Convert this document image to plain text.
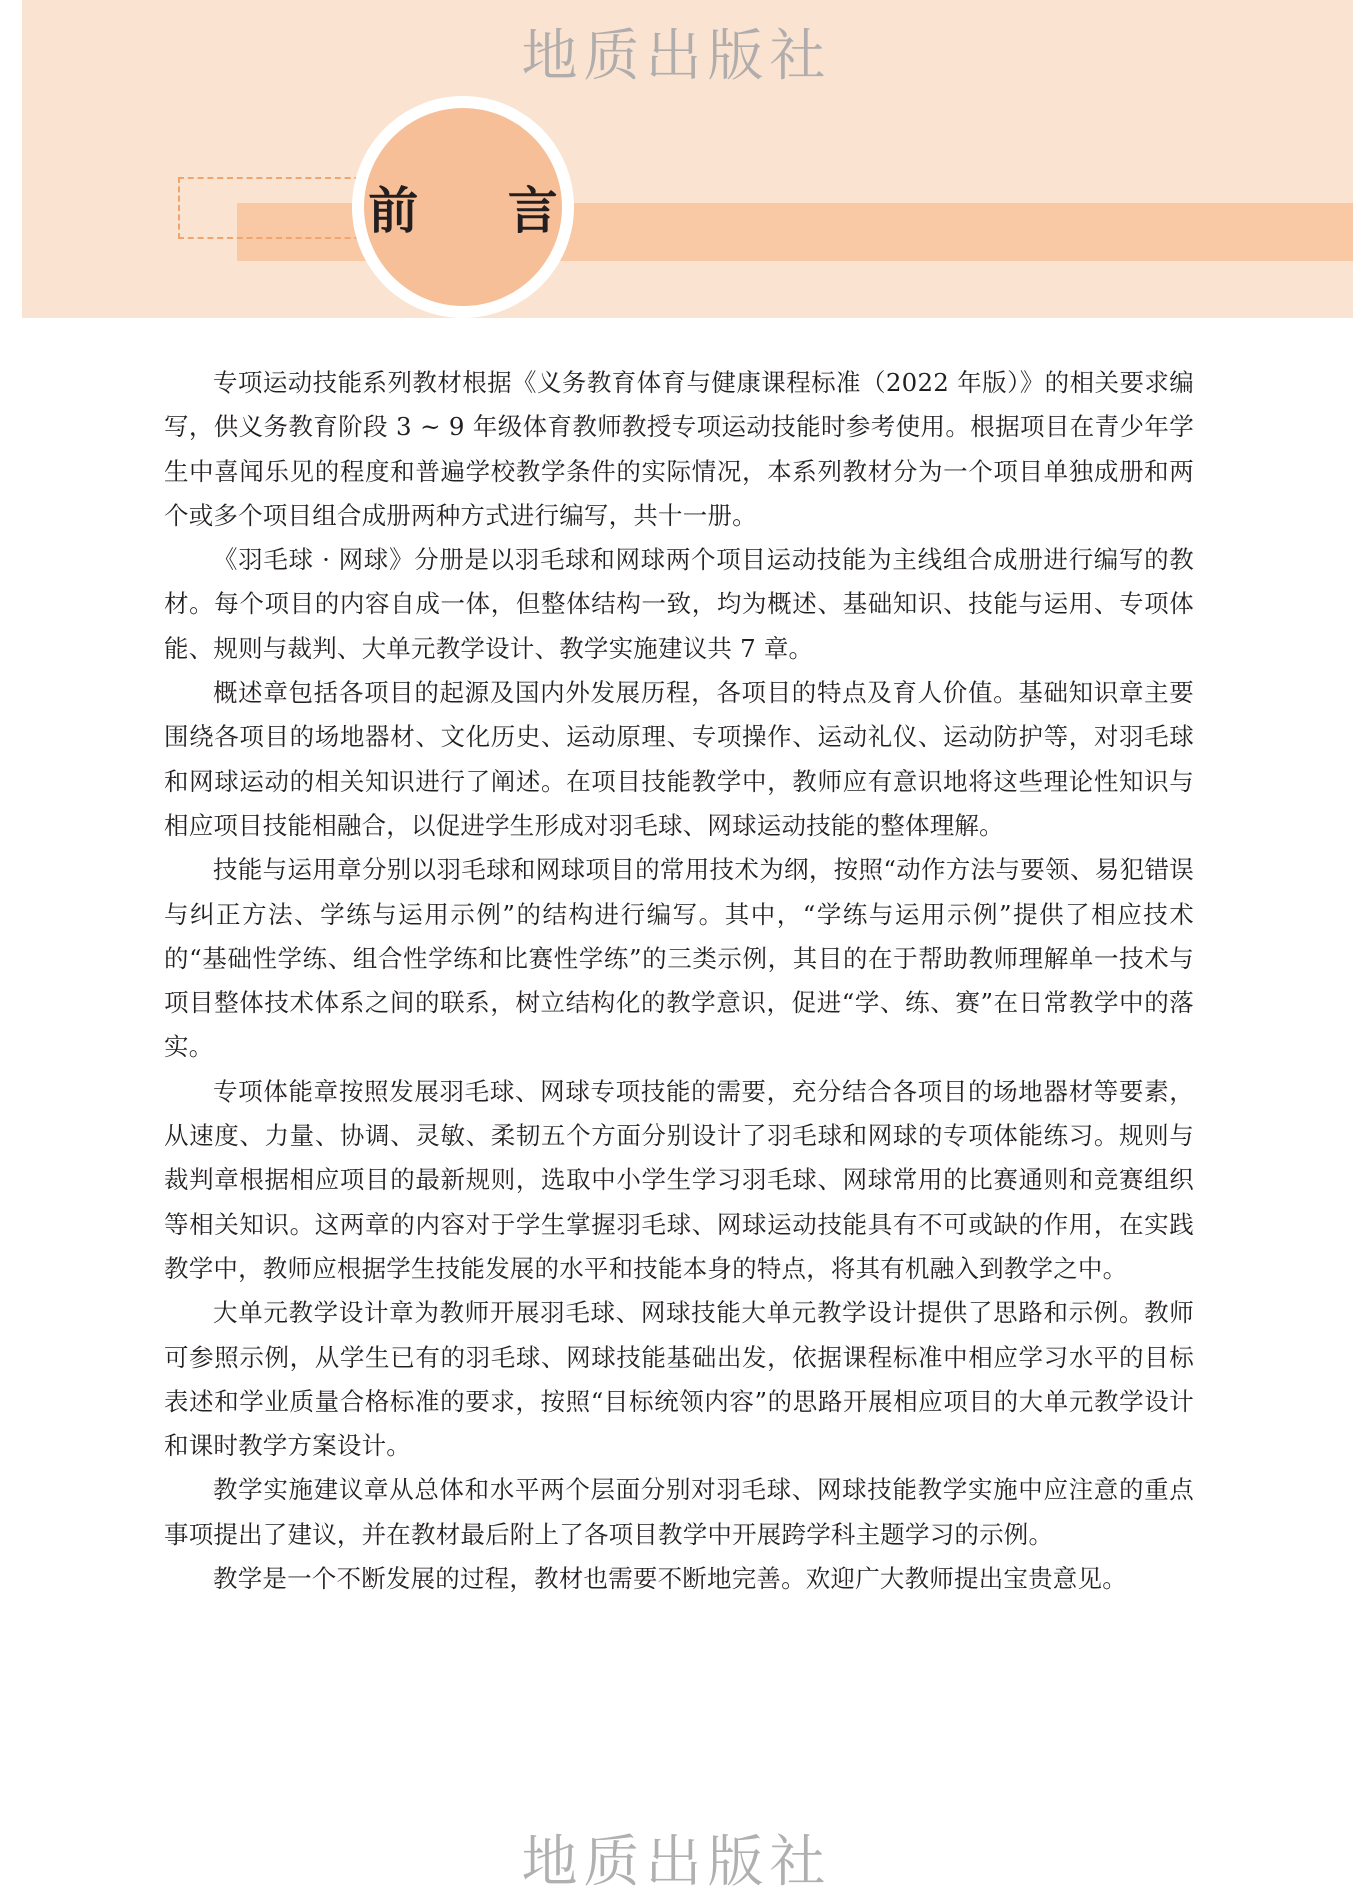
地质出版社
前 言

专项运动技能系列教材根据《义务教育体育与健康课程标准（2022 年版）》的相关要求编写，供义务教育阶段 3 ~ 9 年级体育教师教授专项运动技能时参考使用。根据项目在青少年学生中喜闻乐见的程度和普遍学校教学条件的实际情况，本系列教材分为一个项目单独成册和两个或多个项目组合成册两种方式进行编写，共十一册。

《羽毛球 · 网球》分册是以羽毛球和网球两个项目运动技能为主线组合成册进行编写的教材。每个项目的内容自成一体，但整体结构一致，均为概述、基础知识、技能与运用、专项体能、规则与裁判、大单元教学设计、教学实施建议共 7 章。

概述章包括各项目的起源及国内外发展历程，各项目的特点及育人价值。基础知识章主要围绕各项目的场地器材、文化历史、运动原理、专项操作、运动礼仪、运动防护等，对羽毛球和网球运动的相关知识进行了阐述。在项目技能教学中，教师应有意识地将这些理论性知识与相应项目技能相融合，以促进学生形成对羽毛球、网球运动技能的整体理解。

技能与运用章分别以羽毛球和网球项目的常用技术为纲，按照“动作方法与要领、易犯错误与纠正方法、学练与运用示例”的结构进行编写。其中，“学练与运用示例”提供了相应技术的“基础性学练、组合性学练和比赛性学练”的三类示例，其目的在于帮助教师理解单一技术与项目整体技术体系之间的联系，树立结构化的教学意识，促进“学、练、赛”在日常教学中的落实。

专项体能章按照发展羽毛球、网球专项技能的需要，充分结合各项目的场地器材等要素，从速度、力量、协调、灵敏、柔韧五个方面分别设计了羽毛球和网球的专项体能练习。规则与裁判章根据相应项目的最新规则，选取中小学生学习羽毛球、网球常用的比赛通则和竞赛组织等相关知识。这两章的内容对于学生掌握羽毛球、网球运动技能具有不可或缺的作用，在实践教学中，教师应根据学生技能发展的水平和技能本身的特点，将其有机融入到教学之中。

大单元教学设计章为教师开展羽毛球、网球技能大单元教学设计提供了思路和示例。教师可参照示例，从学生已有的羽毛球、网球技能基础出发，依据课程标准中相应学习水平的目标表述和学业质量合格标准的要求，按照“目标统领内容”的思路开展相应项目的大单元教学设计和课时教学方案设计。

教学实施建议章从总体和水平两个层面分别对羽毛球、网球技能教学实施中应注意的重点事项提出了建议，并在教材最后附上了各项目教学中开展跨学科主题学习的示例。

教学是一个不断发展的过程，教材也需要不断地完善。欢迎广大教师提出宝贵意见。

地质出版社
